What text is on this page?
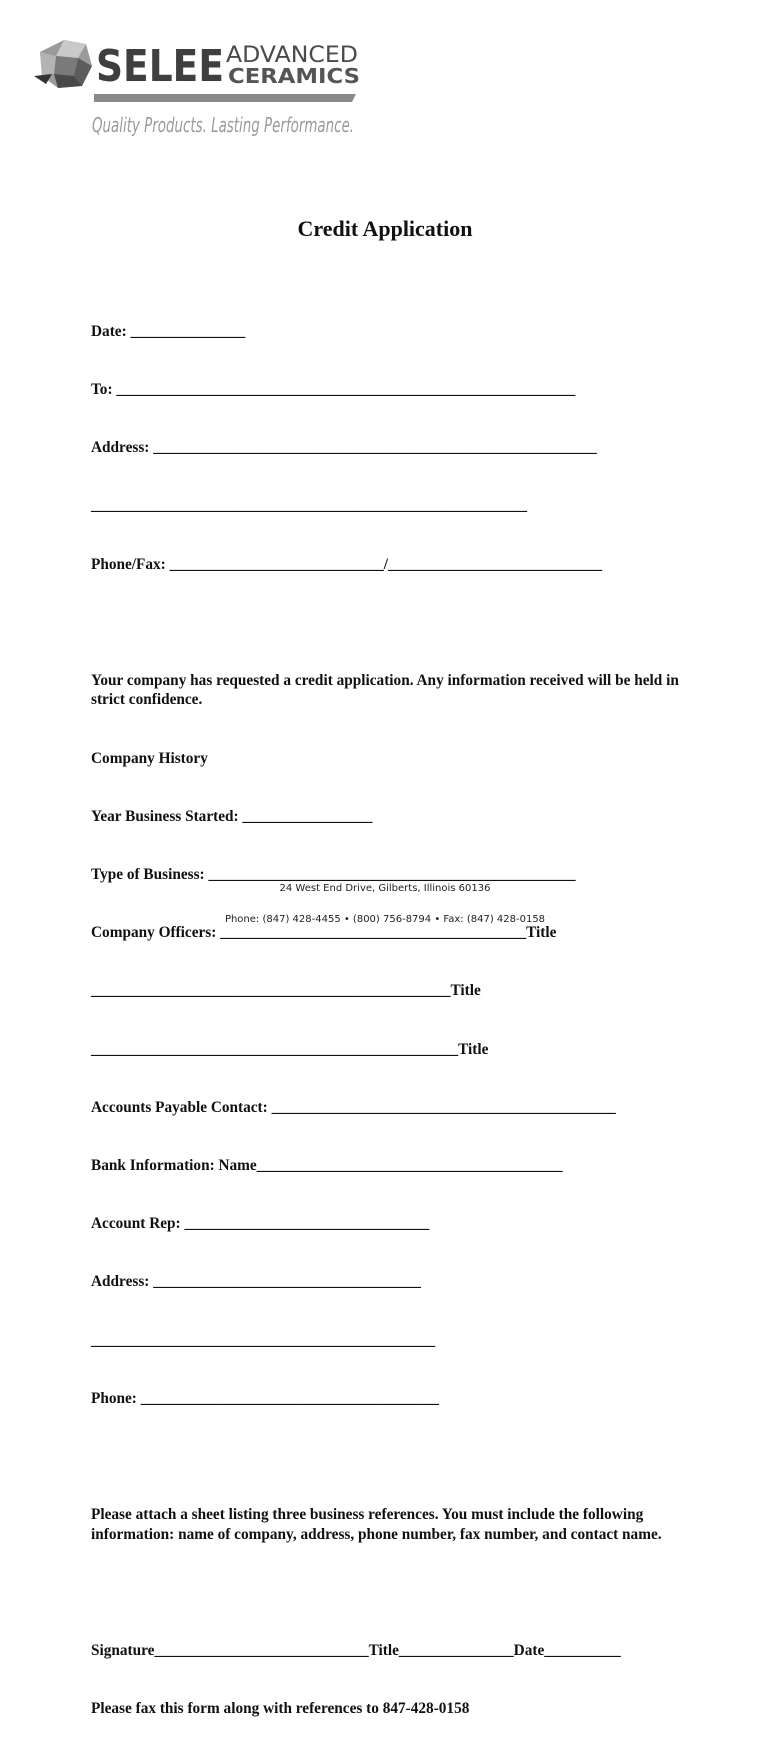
SELEE ADVANCED
CERAMICS
Quality Products. Lasting Performance.
Credit Application

Date: _______________

To: ____________________________________________________________

Address: __________________________________________________________

_________________________________________________________

Phone/Fax: ____________________________/____________________________

Your company has requested a credit application. Any information received will be held in strict confidence.

Company History

Year Business Started: _________________

Type of Business: ________________________________________________

Company Officers: ________________________________________Title

_______________________________________________Title

________________________________________________Title

Accounts Payable Contact: _____________________________________________

Bank Information: Name________________________________________

Account Rep: ________________________________

Address: ___________________________________

_____________________________________________

Phone: _______________________________________

Please attach a sheet listing three business references. You must include the following information: name of company, address, phone number, fax number, and contact name.

Signature____________________________Title_______________Date__________

Please fax this form along with references to 847-428-0158

24 West End Drive, Gilberts, Illinois 60136
Phone: (847) 428-4455 • (800) 756-8794 • Fax: (847) 428-0158
